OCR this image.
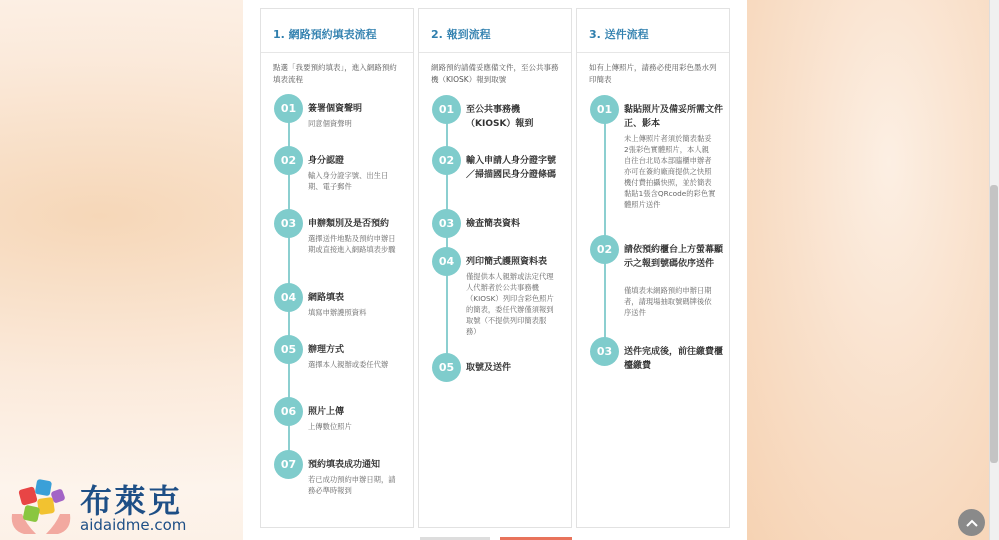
1. 網路預約填表流程
點選「我要預約填表」，進入網路預約填表流程
01	簽署個資聲明
同意個資聲明
02	身分認證
輸入身分證字號、出生日期、電子郵件
03	申辦類別及是否預約
選擇送件地點及預約申辦日期或直接進入網路填表步驟
04	網路填表
填寫申辦護照資料
05	辦理方式
選擇本人親辦或委任代辦
06	照片上傳
上傳數位照片
07	預約填表成功通知
若已成功預約申辦日期，請務必準時報到
2. 報到流程
網路預約請備妥應備文件，至公共事務機（KIOSK）報到取號
01	至公共事務機（KIOSK）報到
02	輸入申請人身分證字號／掃描國民身分證條碼
03	檢查簡表資料
04	列印簡式護照資料表
僅提供本人親辦或法定代理人代辦者於公共事務機（KIOSK）列印含彩色照片的簡表，委任代辦僅須報到取號（不提供列印簡表服務）
05	取號及送件
3. 送件流程
如有上傳照片，請務必使用彩色墨水列印簡表
01	黏貼照片及備妥所需文件正、影本
未上傳照片者須於簡表黏妥2張彩色實體照片，本人親自往台北局本部臨櫃申辦者亦可在簽約廠商提供之快照機付費拍攝快照，並於簡表黏貼1張含QRcode的彩色實體照片送件
02	請依預約櫃台上方螢幕顯示之報到號碼依序送件
僅填表未網路預約申辦日期者，請現場抽取號碼牌後依序送件
03	送件完成後，前往繳費櫃檯繳費
布萊克
aidaidme.com
